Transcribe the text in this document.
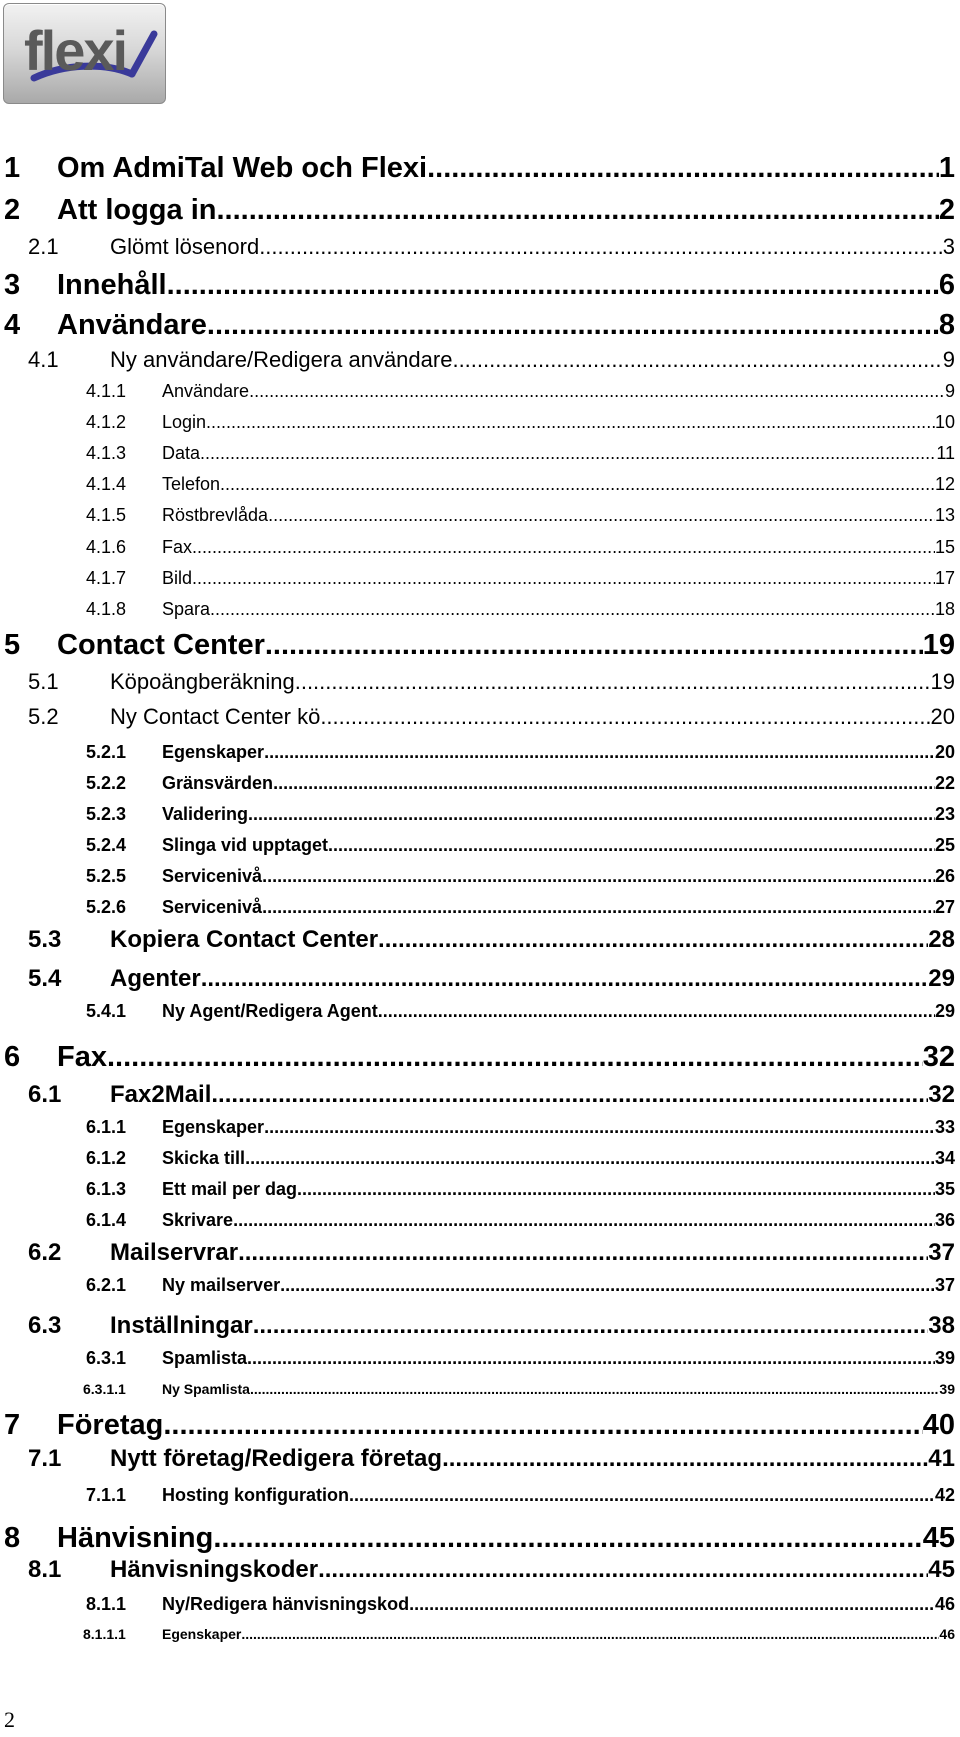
flexi
1 Om AdmiTal Web och Flexi .....	1
2 Att logga in .....	2
2.1 Glömt lösenord .....	3
3 Innehåll .....	6
4 Användare .....	8
4.1 Ny användare/Redigera användare .....	9
4.1.1 Användare .....	9
4.1.2 Login .....	10
4.1.3 Data .....	11
4.1.4 Telefon .....	12
4.1.5 Röstbrevlåda .....	13
4.1.6 Fax .....	15
4.1.7 Bild .....	17
4.1.8 Spara .....	18
5 Contact Center .....	19
5.1 Köpoängberäkning .....	19
5.2 Ny Contact Center kö .....	20
5.2.1 Egenskaper .....	20
5.2.2 Gränsvärden .....	22
5.2.3 Validering .....	23
5.2.4 Slinga vid upptaget .....	25
5.2.5 Servicenivå .....	26
5.2.6 Servicenivå .....	27
5.3 Kopiera Contact Center .....	28
5.4 Agenter .....	29
5.4.1 Ny Agent/Redigera Agent .....	29
6 Fax .....	32
6.1 Fax2Mail .....	32
6.1.1 Egenskaper .....	33
6.1.2 Skicka till .....	34
6.1.3 Ett mail per dag .....	35
6.1.4 Skrivare .....	36
6.2 Mailservrar .....	37
6.2.1 Ny mailserver .....	37
6.3 Inställningar .....	38
6.3.1 Spamlista .....	39
6.3.1.1	Ny Spamlista .....	39
7 Företag .....	40
7.1 Nytt företag/Redigera företag .....	41
7.1.1 Hosting konfiguration .....	42
8 Hänvisning .....	45
8.1 Hänvisningskoder .....	45
8.1.1 Ny/Redigera hänvisningskod .....	46
8.1.1.1	Egenskaper .....	46
2
